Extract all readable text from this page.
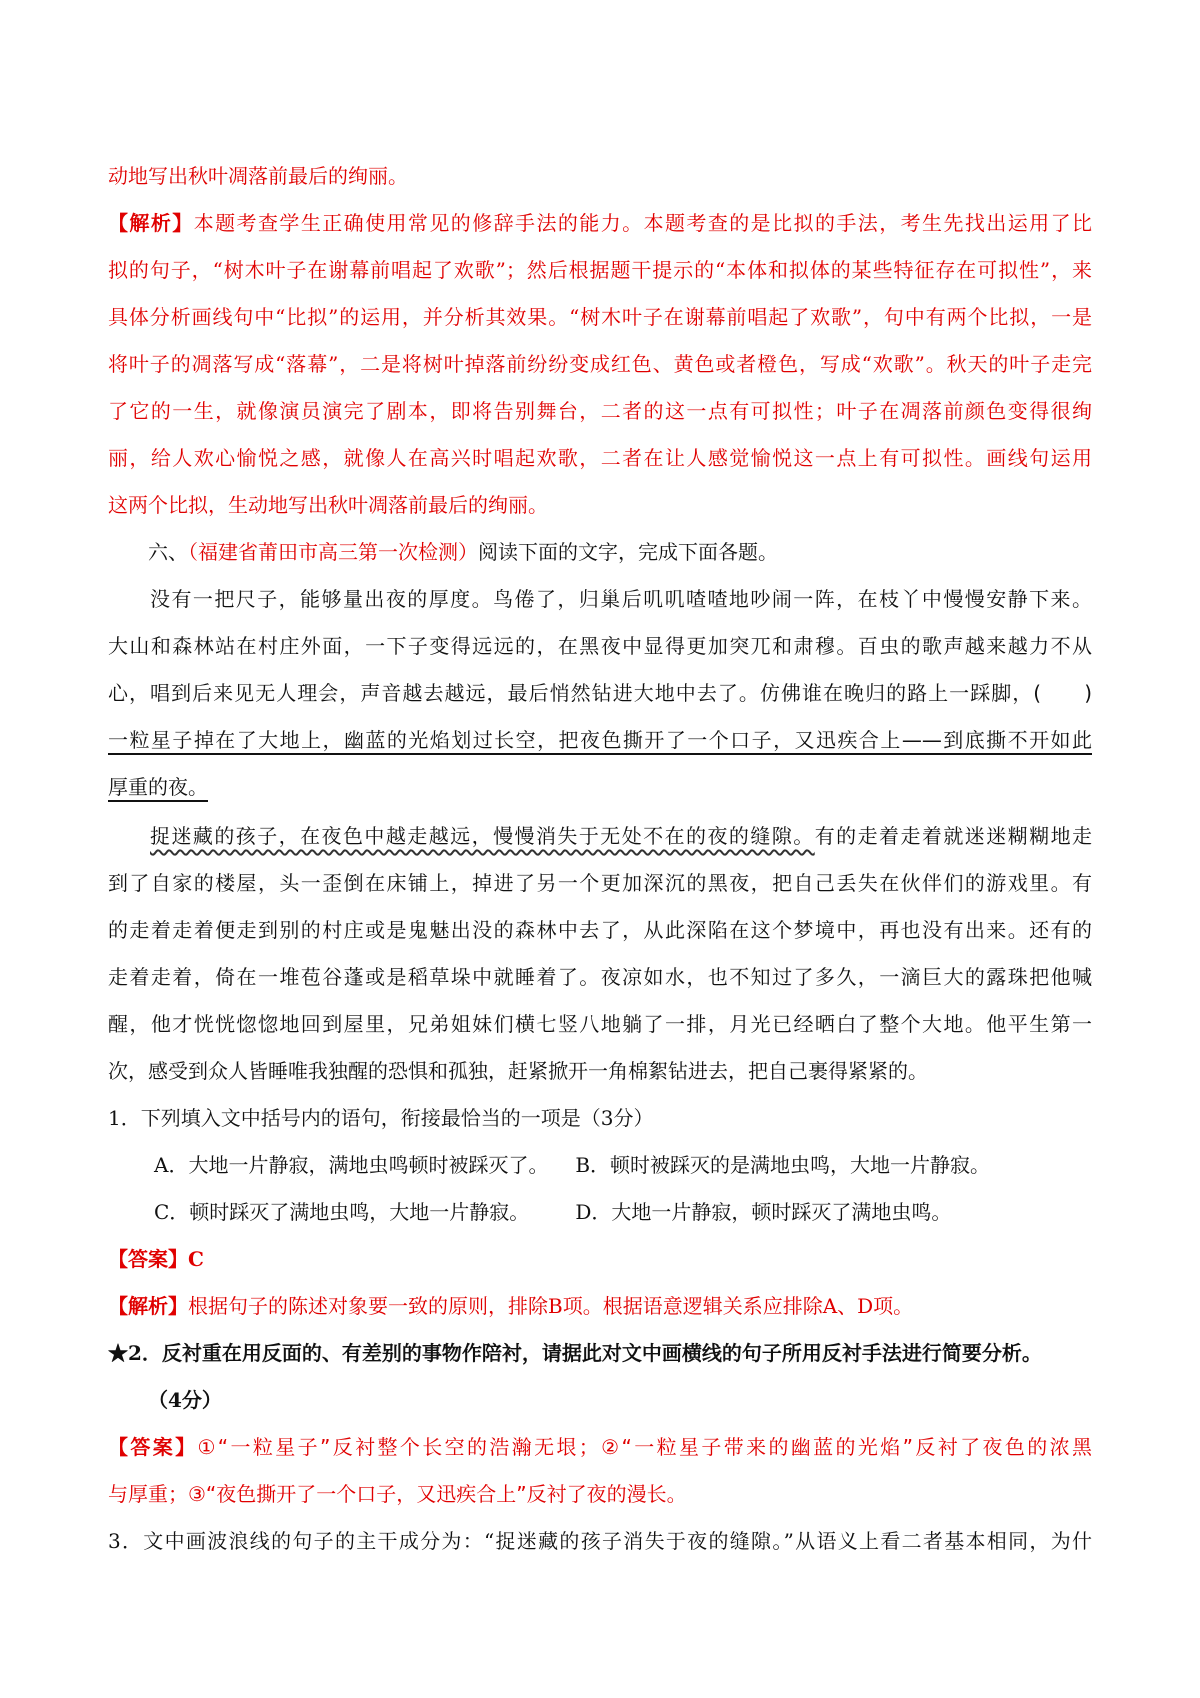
动地写出秋叶凋落前最后的绚丽。
【解析】本题考查学生正确使用常见的修辞手法的能力。本题考查的是比拟的手法，考生先找出运用了比
拟的句子，“树木叶子在谢幕前唱起了欢歌”；然后根据题干提示的“本体和拟体的某些特征存在可拟性”，来
具体分析画线句中“比拟”的运用，并分析其效果。“树木叶子在谢幕前唱起了欢歌”，句中有两个比拟，一是
将叶子的凋落写成“落幕”，二是将树叶掉落前纷纷变成红色、黄色或者橙色，写成“欢歌”。秋天的叶子走完
了它的一生，就像演员演完了剧本，即将告别舞台，二者的这一点有可拟性；叶子在凋落前颜色变得很绚
丽，给人欢心愉悦之感，就像人在高兴时唱起欢歌，二者在让人感觉愉悦这一点上有可拟性。画线句运用
这两个比拟，生动地写出秋叶凋落前最后的绚丽。
六、（福建省莆田市高三第一次检测）阅读下面的文字，完成下面各题。
没有一把尺子，能够量出夜的厚度。鸟倦了，归巢后叽叽喳喳地吵闹一阵，在枝丫中慢慢安静下来。
大山和森林站在村庄外面，一下子变得远远的，在黑夜中显得更加突兀和肃穆。百虫的歌声越来越力不从
心，唱到后来见无人理会，声音越去越远，最后悄然钻进大地中去了。仿佛谁在晚归的路上一踩脚，(　　)
一粒星子掉在了大地上，幽蓝的光焰划过长空，把夜色撕开了一个口子，又迅疾合上——到底撕不开如此
厚重的夜。
捉迷藏的孩子，在夜色中越走越远，慢慢消失于无处不在的夜的缝隙。有的走着走着就迷迷糊糊地走
到了自家的楼屋，头一歪倒在床铺上，掉进了另一个更加深沉的黑夜，把自己丢失在伙伴们的游戏里。有
的走着走着便走到别的村庄或是鬼魅出没的森林中去了，从此深陷在这个梦境中，再也没有出来。还有的
走着走着，倚在一堆苞谷蓬或是稻草垛中就睡着了。夜凉如水，也不知过了多久，一滴巨大的露珠把他喊
醒，他才恍恍惚惚地回到屋里，兄弟姐妹们横七竖八地躺了一排，月光已经晒白了整个大地。他平生第一
次，感受到众人皆睡唯我独醒的恐惧和孤独，赶紧掀开一角棉絮钻进去，把自己裹得紧紧的。
1．下列填入文中括号内的语句，衔接最恰当的一项是（3分）
A．大地一片静寂，满地虫鸣顿时被踩灭了。	B．顿时被踩灭的是满地虫鸣，大地一片静寂。
C．顿时踩灭了满地虫鸣，大地一片静寂。	D．大地一片静寂，顿时踩灭了满地虫鸣。
【答案】C
【解析】根据句子的陈述对象要一致的原则，排除B项。根据语意逻辑关系应排除A、D项。
★2．反衬重在用反面的、有差别的事物作陪衬，请据此对文中画横线的句子所用反衬手法进行简要分析。
（4分）
【答案】①“一粒星子”反衬整个长空的浩瀚无垠；②“一粒星子带来的幽蓝的光焰”反衬了夜色的浓黑
与厚重；③“夜色撕开了一个口子，又迅疾合上”反衬了夜的漫长。
3．文中画波浪线的句子的主干成分为：“捉迷藏的孩子消失于夜的缝隙。”从语义上看二者基本相同，为什
